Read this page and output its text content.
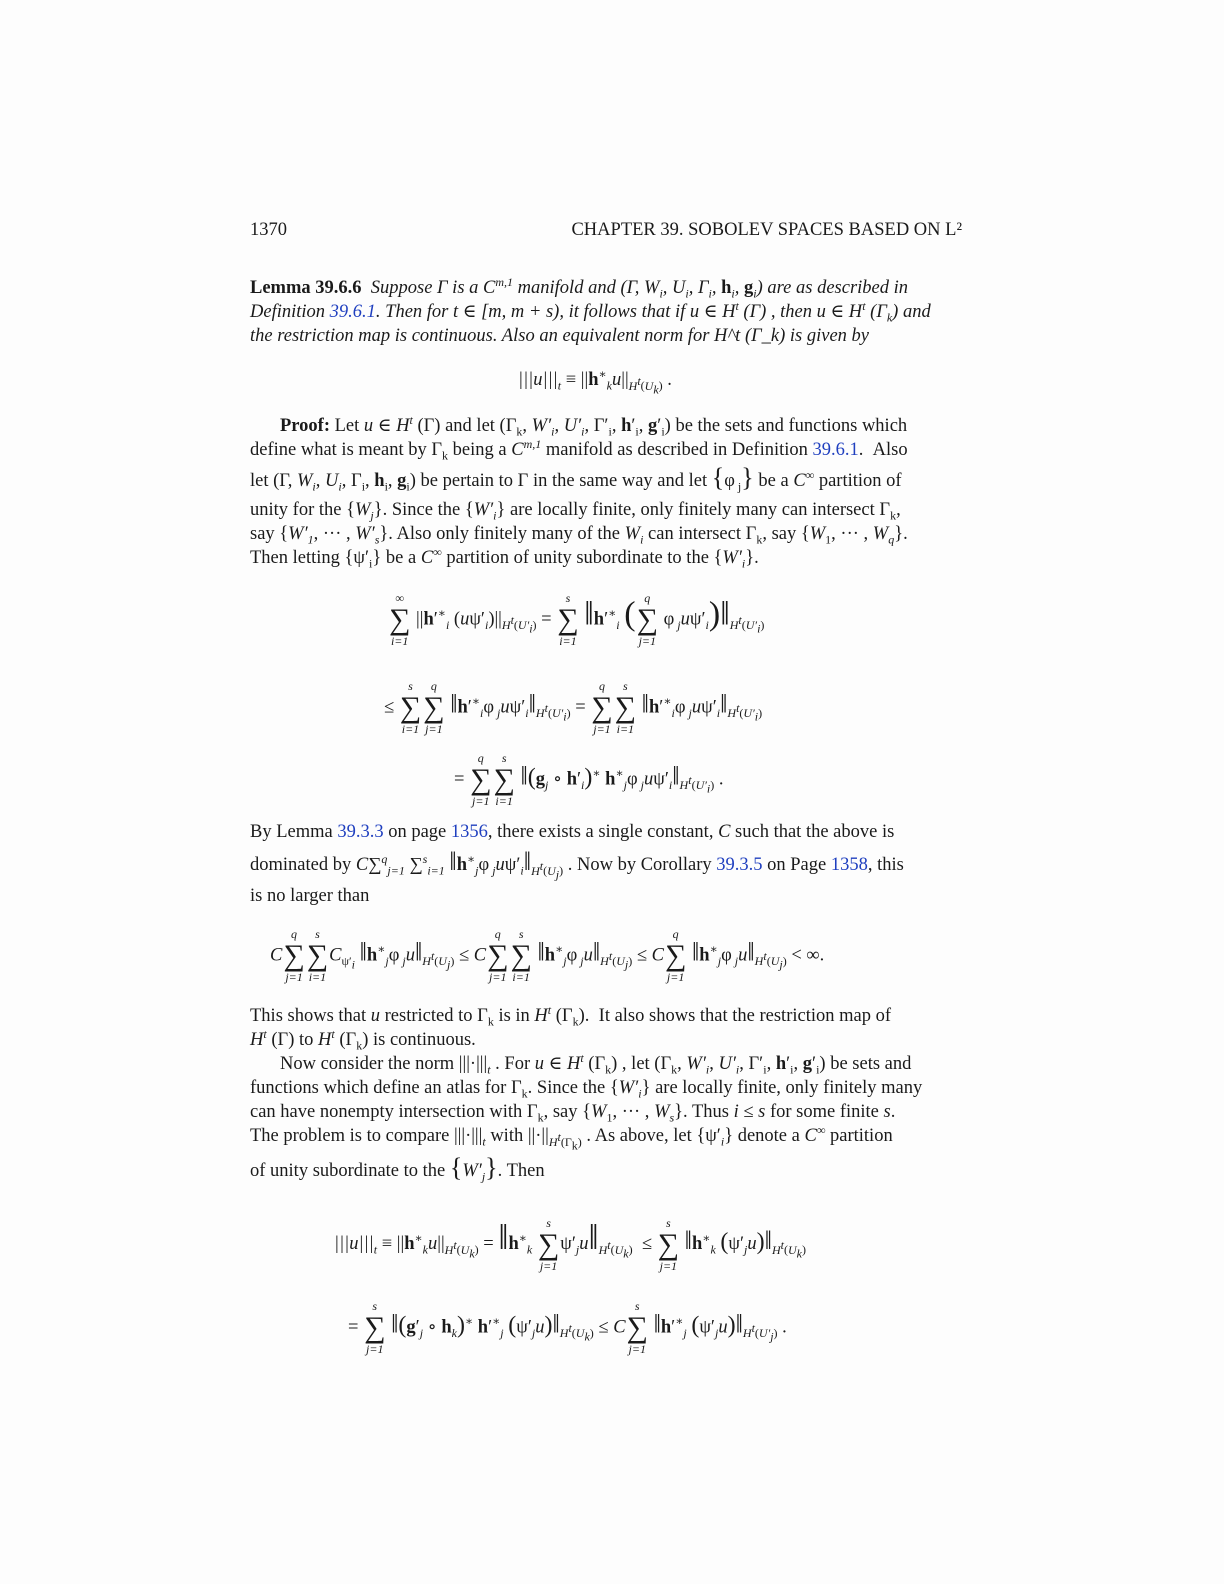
1370	CHAPTER 39. SOBOLEV SPACES BASED ON L²
Lemma 39.6.6  Suppose Γ is a C$^{m,1}$ manifold and (Γ, $W_i$, $U_i$, $\Gamma_i$, $h_i$, $g_i$) are as described in
Definition 39.6.1. Then for t ∈ [m, m + s), it follows that if u ∈ $H^t$ (Γ) , then u ∈ $H^t$ $(\Gamma_k)$ and
the restriction map is continuous. Also an equivalent norm for H^t (Γ_k) is given by
$|||u|||_t \equiv ||h^∗_ku||_{H^t(U_k)}$ .
Proof: Let u ∈ $H^t$ (Γ) and let ($\Gamma_k$, $W'_i$, $U'_i$, $\Gamma'_i$, $h'_i$, $g'_i$) be the sets and functions which
define what is meant by $\Gamma_k$ being a C$^{m,1}$ manifold as described in Definition 39.6.1.  Also
let (Γ, $W_i$, $U_i$, $\Gamma_i$, $h_i$, $g_i$) be pertain to Γ in the same way and let {φ $_j$} be a C∞ partition of
unity for the $\{W_j\}$. Since the $\{W'_i\}$ are locally finite, only finitely many can intersect $\Gamma_k$,
say {$W'_1$, ··· , $W'_s$}. Also only finitely many of the $W_i$ can intersect $\Gamma_k$, say {$W_1$, ··· , $W_q$}.
Then letting $\{\psi'_i\}$ be a C∞ partition of unity subordinate to the $\{W'_i\}$.
∞
∑
i=1
$||h'^∗_i$ $(u\psi'_i)||_{H^t(U'_i)}$ =
s
∑
i=1
$‖h'^∗_i$ ( q
∑
j=1
φ $_ju\psi'_i)‖_{H^t(U'_i)}$
≤
s
∑
i=1
q
∑
j=1
$‖h'^∗_i\varphi$ $_ju\psi'_i‖_{H^t(U'_i)}$ =
q
∑
j=1
s
∑
i=1
$‖h'^∗_i\varphi$ $_ju\psi'_i‖_{H^t(U'_i)}$
=
q
∑
j=1
s
∑
i=1
$‖(g_j$ ∘ $h'_i)^∗$ $h^∗_j\varphi$ $_ju\psi'_i‖_{H^t(U'_i)}$ .
By Lemma 39.3.3 on page 1356, there exists a single constant, C such that the above is
dominated by C∑$^q_{j=1}$ ∑$^s_{i=1}$ $‖h^∗_j\varphi$ $_ju\psi'_i‖_{H^t(U_j)}$ . Now by Corollary 39.3.5 on Page 1358, this
is no larger than
C
q
∑
j=1
s
∑
i=1
$C_{\psi'_i}$ $‖h^∗_j\varphi$ $_ju‖_{H^t(U_j)} \le C$
q
∑
j=1
s
∑
i=1
$‖h^∗_j\varphi$ $_ju‖_{H^t(U_j)} \le C$
q
∑
j=1
$‖h^∗_j\varphi$ $_ju‖_{H^t(U_j)}$ < ∞.
This shows that u restricted to $\Gamma_k$ is in $H^t$ $(\Gamma_k)$.  It also shows that the restriction map of
$H^t$ (Γ) to $H^t$ $(\Gamma_k)$ is continuous.
Now consider the norm $|||\cdot|||_t$ . For u ∈ $H^t$ $(\Gamma_k)$ , let ($\Gamma_k$, $W'_i$, $U'_i$, $\Gamma'_i$, $h'_i$, $g'_i$) be sets and
functions which define an atlas for $\Gamma_k$. Since the $\{W'_i\}$ are locally finite, only finitely many
can have nonempty intersection with $\Gamma_k$, say {$W_1$, ··· , $W_s$}. Thus i ≤ s for some finite s.
The problem is to compare $|||\cdot|||_t$ with $||\cdot||_{H^t(\Gamma_k)}$ . As above, let $\{\psi'_i\}$ denote a C∞ partition
of unity subordinate to the $\{W'_j\}$. Then
$|||u|||_t \equiv ||h^∗_ku||_{H^t(U_k)}$ = $‖h^∗_k$
s
∑
j=1
$\psi'_ju‖_{H^t(U_k)}$  ≤
s
∑
j=1
$‖h^∗_k$ $(\psi'_ju)‖_{H^t(U_k)}$
=
s
∑
j=1
$‖(g'_j$ ∘ $h_k)^∗$ $h'^∗_j$ $(\psi'_ju)‖_{H^t(U_k)} \le C$
s
∑
j=1
$‖h'^∗_j$ $(\psi'_ju)‖_{H^t(U'_j)}$ .
